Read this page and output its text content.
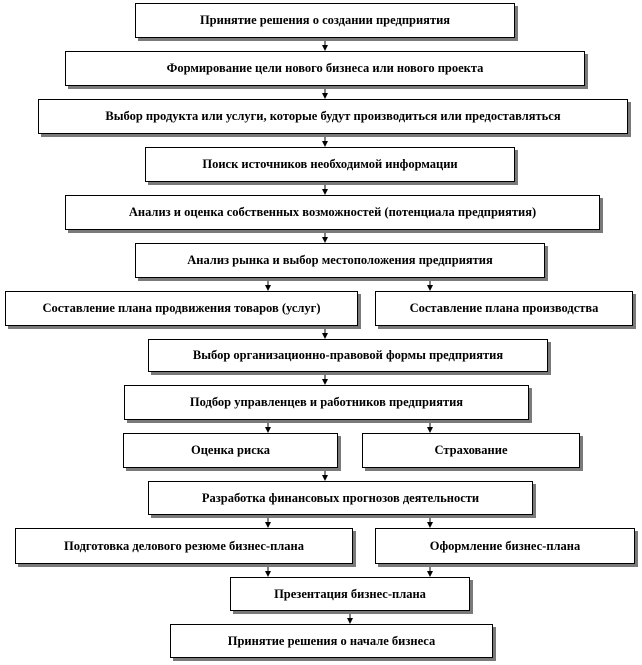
Принятие решения о создании предприятия
Формирование цели нового бизнеса или нового проекта
Выбор продукта или услуги, которые будут производиться или предоставляться
Поиск источников необходимой информации
Анализ и оценка собственных возможностей (потенциала предприятия)
Анализ рынка и выбор местоположения предприятия
Составление плана продвижения товаров (услуг)	Составление плана производства
Выбор организационно-правовой формы предприятия
Подбор управленцев и работников предприятия
Оценка риска	Страхование
Разработка финансовых прогнозов деятельности
Подготовка делового резюме бизнес-плана	Оформление бизнес-плана
Презентация бизнес-плана
Принятие решения о начале бизнеса
